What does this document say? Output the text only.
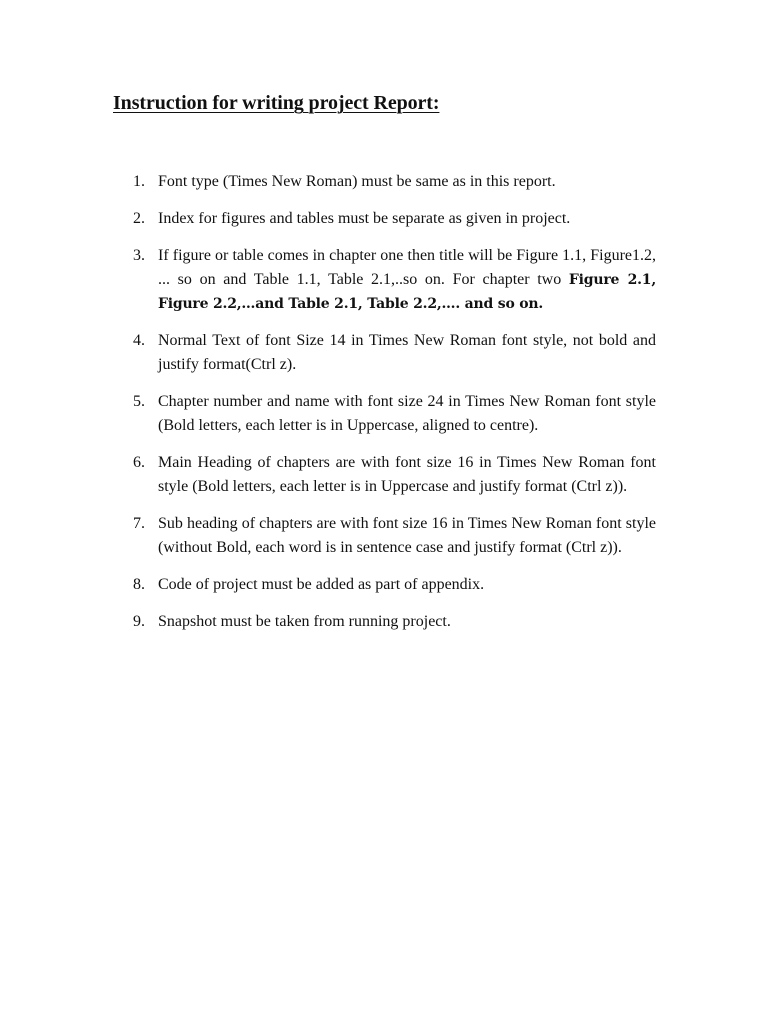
Instruction for writing project Report:
1. Font type (Times New Roman) must be same as in this report.
2. Index for figures and tables must be separate as given in project.
3. If figure or table comes in chapter one then title will be Figure 1.1, Figure1.2, ... so on and Table 1.1, Table 2.1,..so on. For chapter two Figure 2.1, Figure 2.2,…and Table 2.1, Table 2.2,…. and so on.
4. Normal Text of font Size 14 in Times New Roman font style, not bold and justify format(Ctrl z).
5. Chapter number and name with font size 24 in Times New Roman font style (Bold letters, each letter is in Uppercase, aligned to centre).
6. Main Heading of chapters are with font size 16 in Times New Roman font style (Bold letters, each letter is in Uppercase and justify format (Ctrl z)).
7. Sub heading of chapters are with font size 16 in Times New Roman font style (without Bold, each word is in sentence case and justify format (Ctrl z)).
8. Code of project must be added as part of appendix.
9. Snapshot must be taken from running project.
